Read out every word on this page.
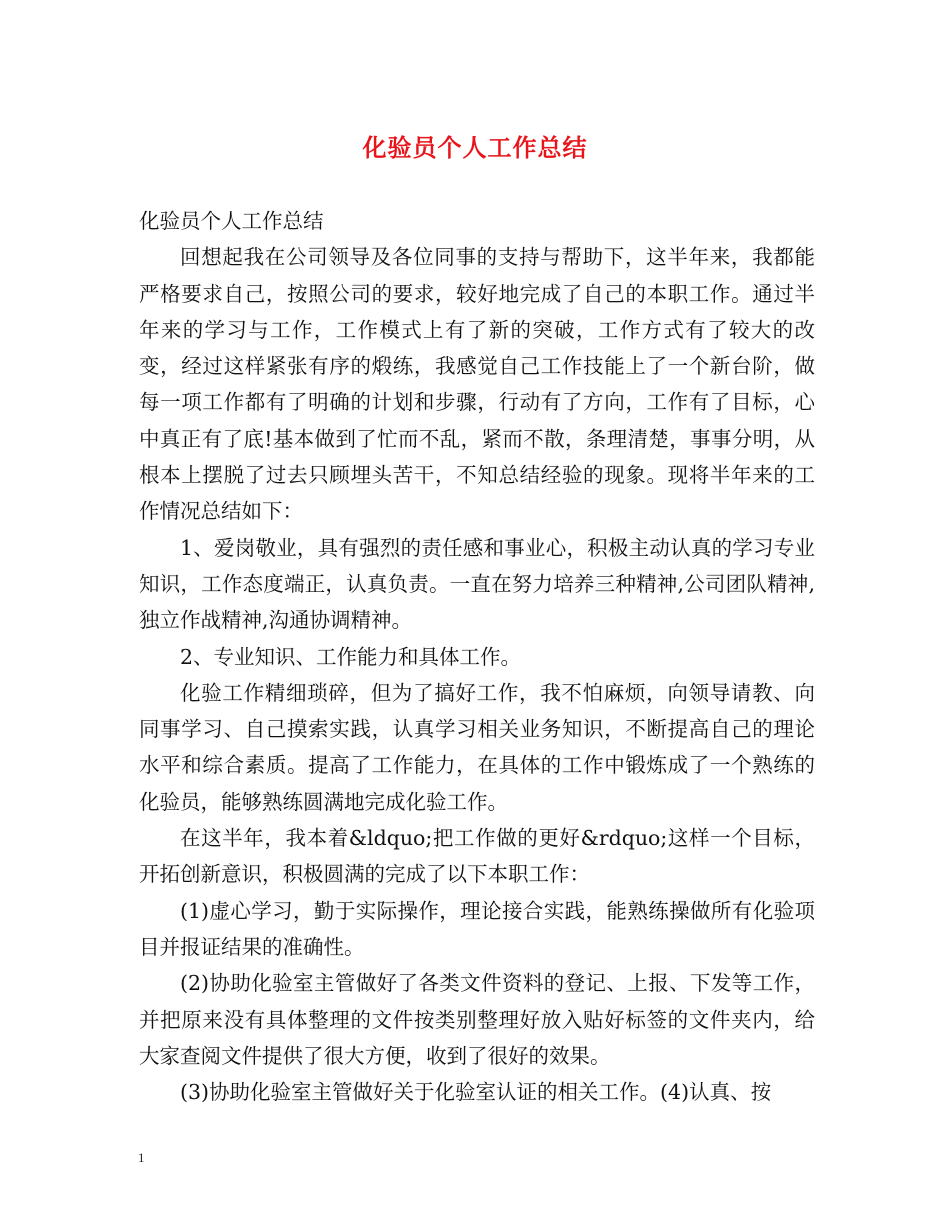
化验员个人工作总结

化验员个人工作总结

回想起我在公司领导及各位同事的支持与帮助下，这半年来，我都能严格要求自己，按照公司的要求，较好地完成了自己的本职工作。通过半年来的学习与工作，工作模式上有了新的突破，工作方式有了较大的改变，经过这样紧张有序的煅练，我感觉自己工作技能上了一个新台阶，做每一项工作都有了明确的计划和步骤，行动有了方向，工作有了目标，心中真正有了底!基本做到了忙而不乱，紧而不散，条理清楚，事事分明，从根本上摆脱了过去只顾埋头苦干，不知总结经验的现象。现将半年来的工作情况总结如下：

1、爱岗敬业，具有强烈的责任感和事业心，积极主动认真的学习专业知识，工作态度端正，认真负责。一直在努力培养三种精神,公司团队精神,独立作战精神,沟通协调精神。

2、专业知识、工作能力和具体工作。

化验工作精细琐碎，但为了搞好工作，我不怕麻烦，向领导请教、向同事学习、自己摸索实践，认真学习相关业务知识，不断提高自己的理论水平和综合素质。提高了工作能力，在具体的工作中锻炼成了一个熟练的化验员，能够熟练圆满地完成化验工作。

在这半年，我本着&ldquo;把工作做的更好&rdquo;这样一个目标，开拓创新意识，积极圆满的完成了以下本职工作：

(1)虚心学习，勤于实际操作，理论接合实践，能熟练操做所有化验项目并报证结果的准确性。

(2)协助化验室主管做好了各类文件资料的登记、上报、下发等工作，并把原来没有具体整理的文件按类别整理好放入贴好标签的文件夹内，给大家查阅文件提供了很大方便，收到了很好的效果。

(3)协助化验室主管做好关于化验室认证的相关工作。(4)认真、按

1
